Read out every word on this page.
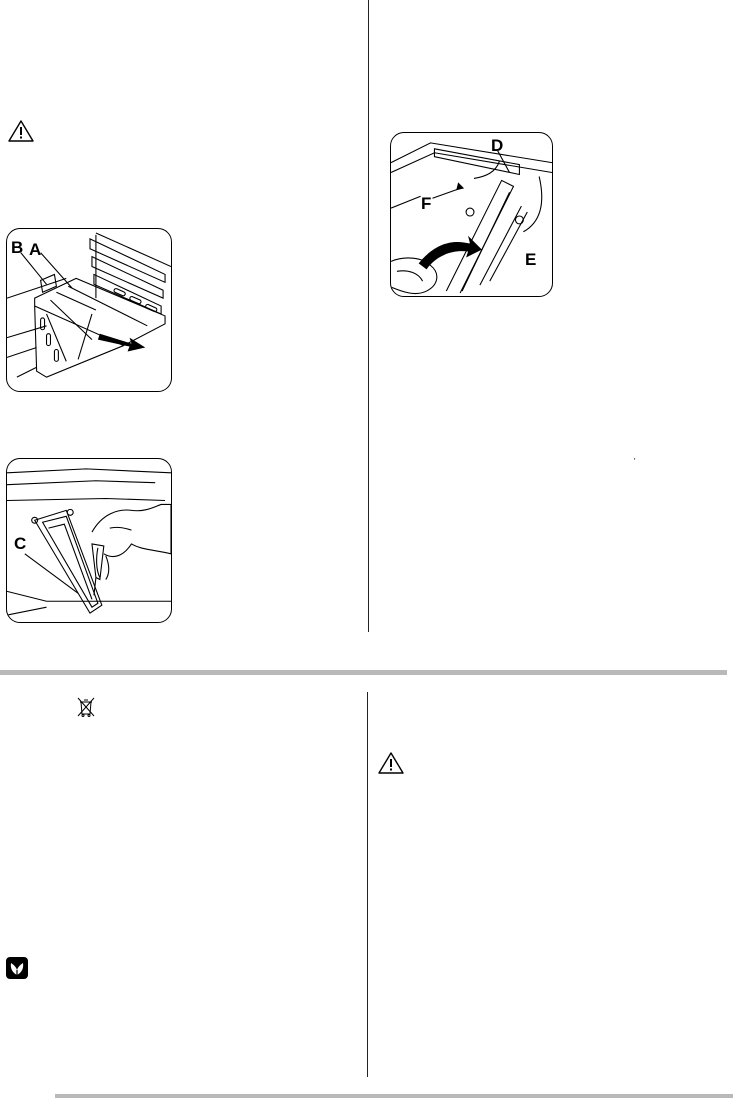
B A
C
D
F
E
'
